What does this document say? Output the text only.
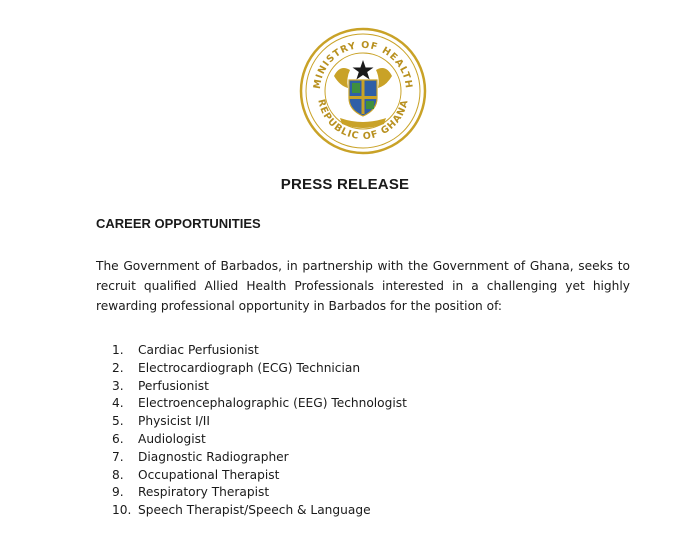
MINISTRY OF HEALTH
REPUBLIC OF GHANA
PRESS RELEASE
CAREER OPPORTUNITIES
The Government of Barbados, in partnership with the Government of Ghana, seeks to recruit qualified Allied Health Professionals interested in a challenging yet highly rewarding professional opportunity in Barbados for the position of:
1.	Cardiac Perfusionist
2.	Electrocardiograph (ECG) Technician
3.	Perfusionist
4.	Electroencephalographic (EEG) Technologist
5.	Physicist I/II
6.	Audiologist
7.	Diagnostic Radiographer
8.	Occupational Therapist
9.	Respiratory Therapist
10. Speech Therapist/Speech & Language
